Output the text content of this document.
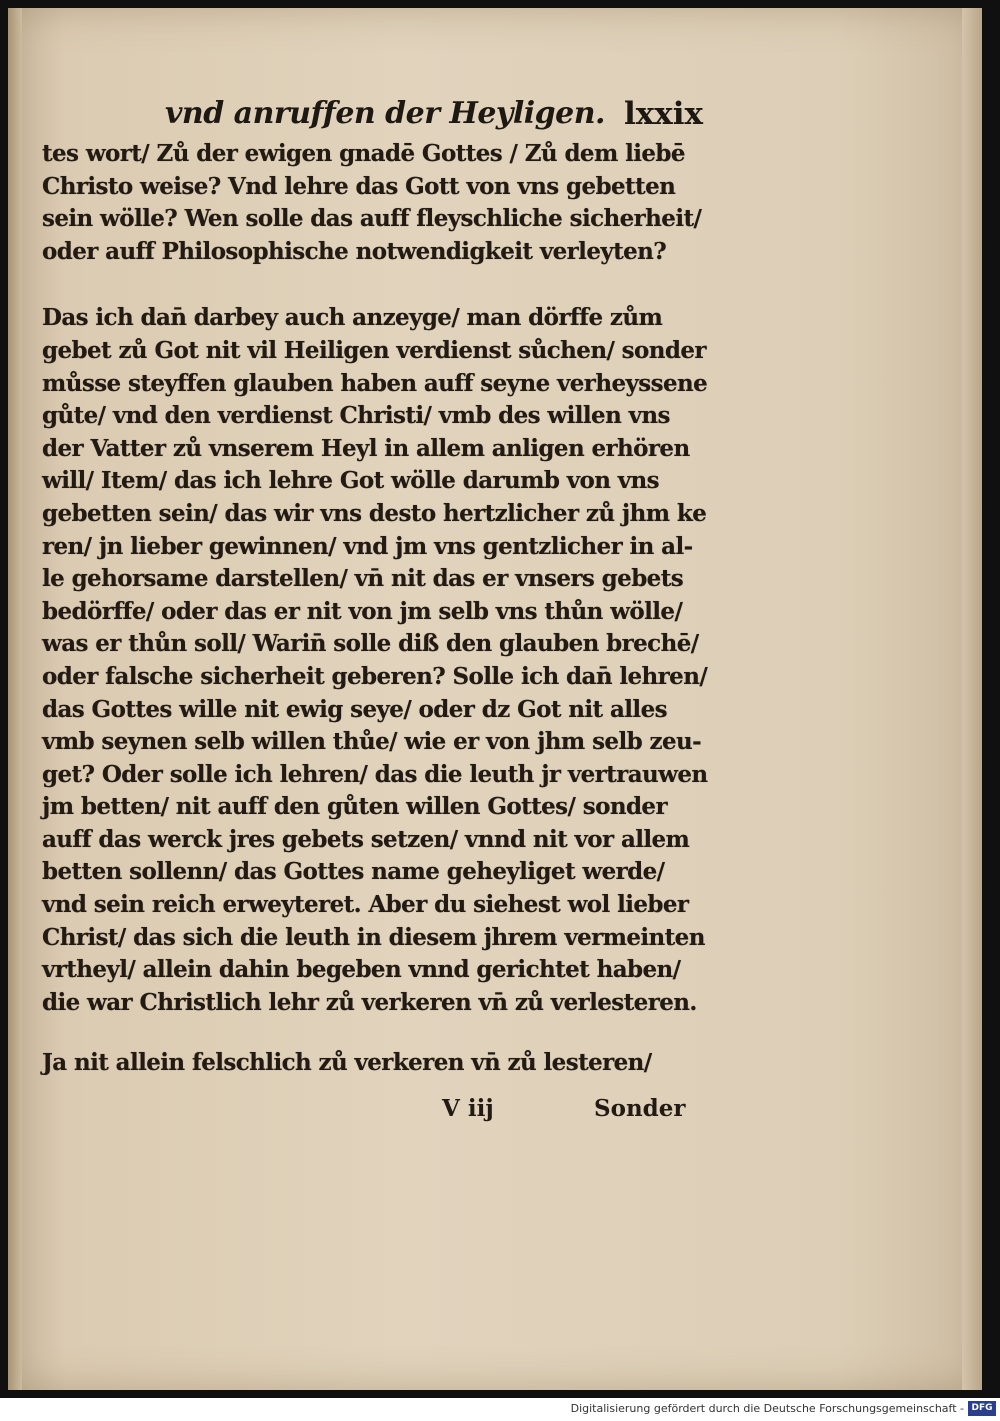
vnd anruffen der Heyligen. lxxix
tes wort/ Zů der ewigen gnadē Gottes / Zů dem liebē
Christo weise? Vnd lehre das Gott von vns gebetten
sein wölle? Wen solle das auff fleyschliche sicherheit/
oder auff Philosophische notwendigkeit verleyten?
Das ich dan̄ darbey auch anzeyge/ man dörffe zům
gebet zů Got nit vil Heiligen verdienst sůchen/ sonder
můsse steyffen glauben haben auff seyne verheyssene
gůte/ vnd den verdienst Christi/ vmb des willen vns
der Vatter zů vnserem Heyl in allem anligen erhören
will/ Item/ das ich lehre Got wölle darumb von vns
gebetten sein/ das wir vns desto hertzlicher zů jhm ke
ren/ jn lieber gewinnen/ vnd jm vns gentzlicher in al-
le gehorsame darstellen/ vn̄ nit das er vnsers gebets
bedörffe/ oder das er nit von jm selb vns thůn wölle/
was er thůn soll/ Warin̄ solle diß den glauben brechē/
oder falsche sicherheit geberen? Solle ich dan̄ lehren/
das Gottes wille nit ewig seye/ oder dz Got nit alles
vmb seynen selb willen thůe/ wie er von jhm selb zeu-
get? Oder solle ich lehren/ das die leuth jr vertrauwen
jm betten/ nit auff den gůten willen Gottes/ sonder
auff das werck jres gebets setzen/ vnnd nit vor allem
betten sollenn/ das Gottes name geheyliget werde/
vnd sein reich erweyteret. Aber du siehest wol lieber
Christ/ das sich die leuth in diesem jhrem vermeinten
vrtheyl/ allein dahin begeben vnnd gerichtet haben/
die war Christlich lehr zů verkeren vn̄ zů verlesteren.
Ja nit allein felschlich zů verkeren vn̄ zů lesteren/
V iij	Sonder
Digitalisierung gefördert durch die Deutsche Forschungsgemeinschaft - DFG
